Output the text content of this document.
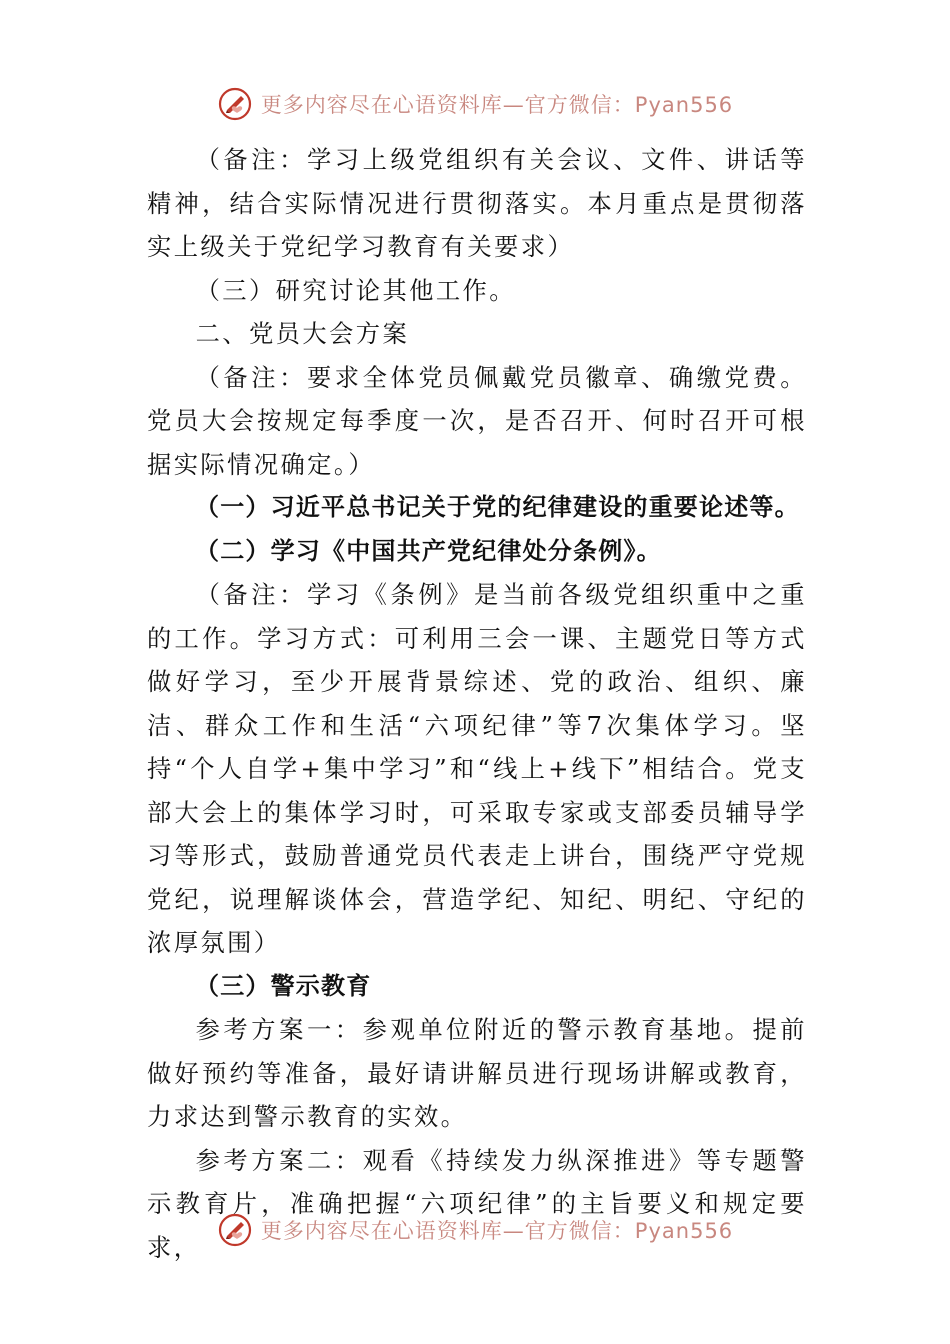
更多内容尽在心语资料库—官方微信：Pyan556

（备注：学习上级党组织有关会议、文件、讲话等精神，结合实际情况进行贯彻落实。本月重点是贯彻落实上级关于党纪学习教育有关要求）

（三）研究讨论其他工作。

二、党员大会方案

（备注：要求全体党员佩戴党员徽章、确缴党费。党员大会按规定每季度一次，是否召开、何时召开可根据实际情况确定。）

（一）习近平总书记关于党的纪律建设的重要论述等。

（二）学习《中国共产党纪律处分条例》。

（备注：学习《条例》是当前各级党组织重中之重的工作。学习方式：可利用三会一课、主题党日等方式做好学习，至少开展背景综述、党的政治、组织、廉洁、群众工作和生活“六项纪律”等7次集体学习。坚持“个人自学+集中学习”和“线上+线下”相结合。党支部大会上的集体学习时，可采取专家或支部委员辅导学习等形式，鼓励普通党员代表走上讲台，围绕严守党规党纪，说理解谈体会，营造学纪、知纪、明纪、守纪的浓厚氛围）

（三）警示教育

参考方案一：参观单位附近的警示教育基地。提前做好预约等准备，最好请讲解员进行现场讲解或教育，力求达到警示教育的实效。

参考方案二：观看《持续发力纵深推进》等专题警示教育片，准确把握“六项纪律”的主旨要义和规定要求，

更多内容尽在心语资料库—官方微信：Pyan556
